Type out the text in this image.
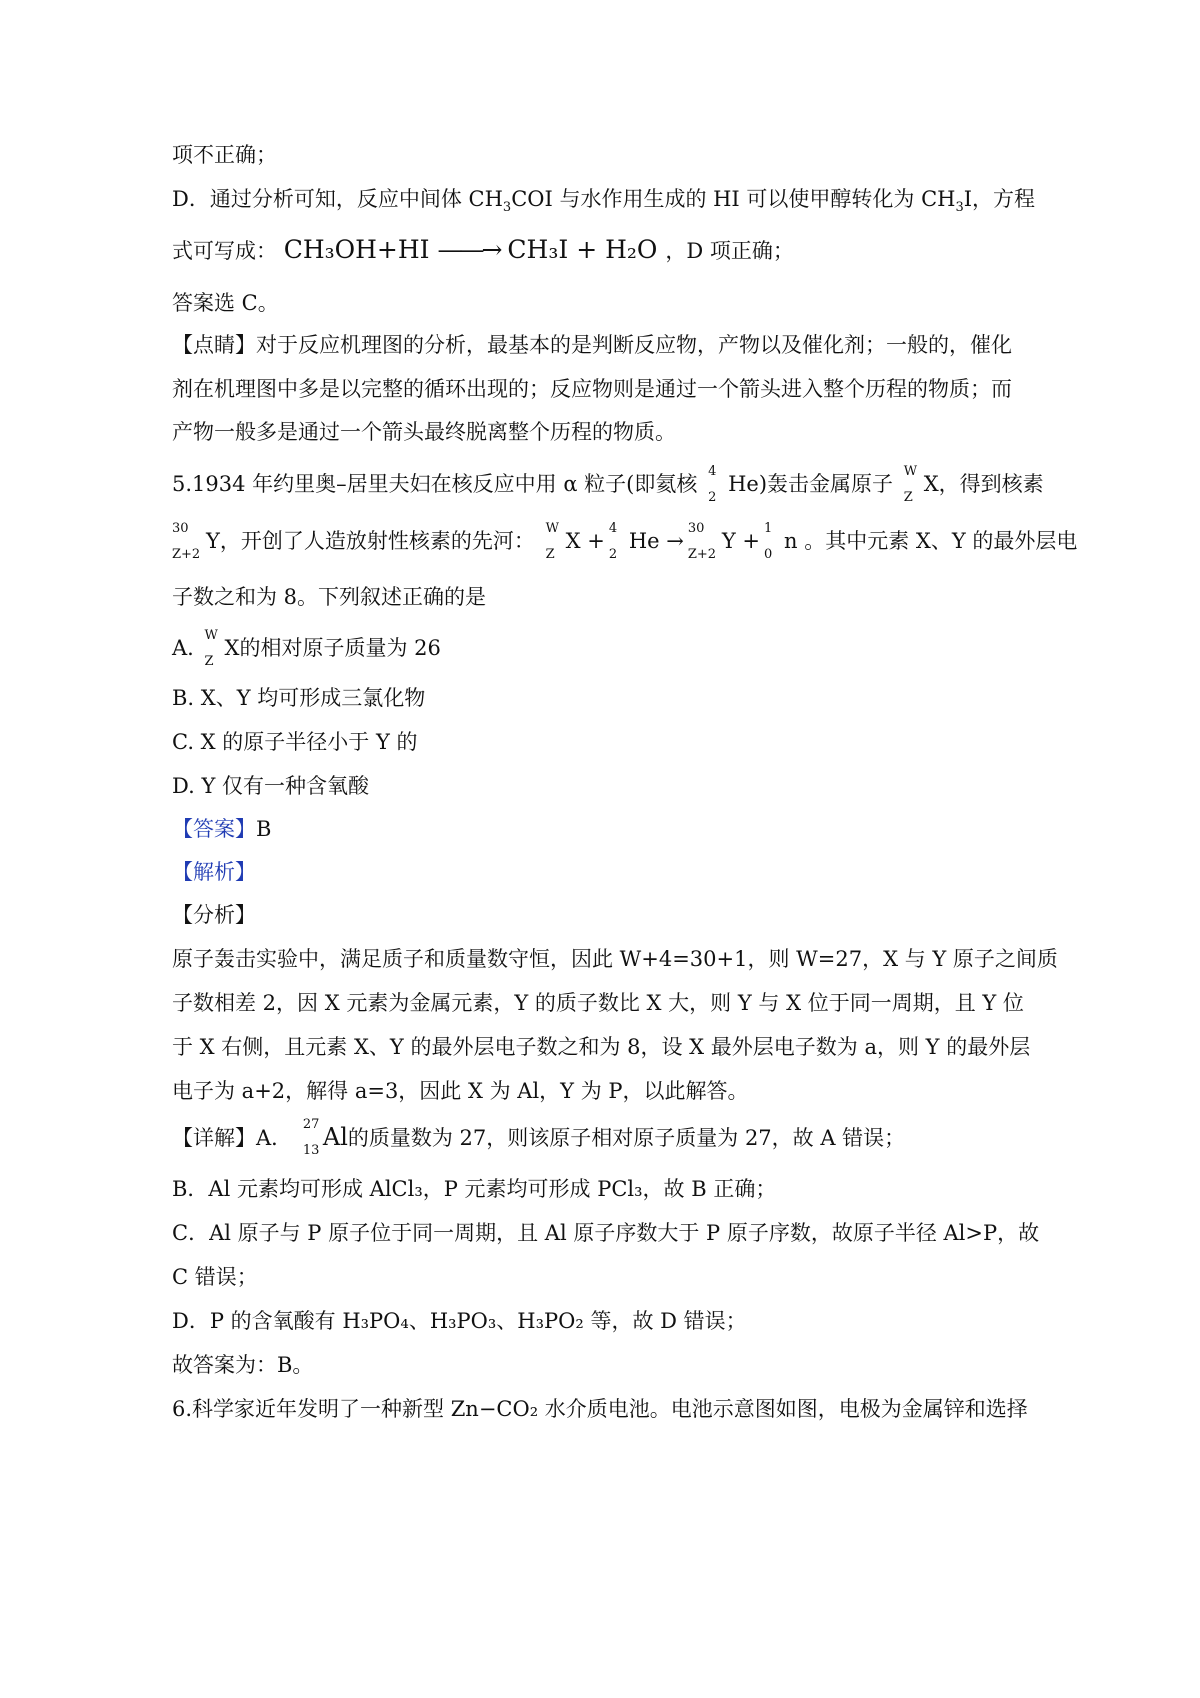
项不正确；
D．通过分析可知，反应中间体 $CH_3COI$ 与水作用生成的 HI 可以使甲醇转化为 $CH_3I$，方程
式可写成： CH₃OH+HI ——→ CH₃I + H₂O ，D 项正确；
答案选 C。
【点睛】对于反应机理图的分析，最基本的是判断反应物，产物以及催化剂；一般的，催化
剂在机理图中多是以完整的循环出现的；反应物则是通过一个箭头进入整个历程的物质；而
产物一般多是通过一个箭头最终脱离整个历程的物质。
5.1934 年约里奥–居里夫妇在核反应中用 α 粒子(即氦核
4
2
He)轰击金属原子
W
Z
X，得到核素
30
Z+2
Y，开创了人造放射性核素的先河：
W
Z
X +
4
2
He →
30
Z+2
Y +
1
0
n 。其中元素 X、Y 的最外层电
子数之和为 8。下列叙述正确的是
A.
W
Z
X的相对原子质量为 26
B. X、Y 均可形成三氯化物
C. X 的原子半径小于 Y 的
D. Y 仅有一种含氧酸
【答案】B
【解析】
【分析】
原子轰击实验中，满足质子和质量数守恒，因此 W+4=30+1，则 W=27，X 与 Y 原子之间质
子数相差 2，因 X 元素为金属元素，Y 的质子数比 X 大，则 Y 与 X 位于同一周期，且 Y 位
于 X 右侧，且元素 X、Y 的最外层电子数之和为 8，设 X 最外层电子数为 a，则 Y 的最外层
电子为 a+2，解得 a=3，因此 X 为 Al，Y 为 P，以此解答。
【详解】A．
27
13 Al的质量数为 27，则该原子相对原子质量为 27，故 A 错误；
B．Al 元素均可形成 AlCl₃，P 元素均可形成 PCl₃，故 B 正确；
C．Al 原子与 P 原子位于同一周期，且 Al 原子序数大于 P 原子序数，故原子半径 Al>P，故
C 错误；
D．P 的含氧酸有 H₃PO₄、H₃PO₃、H₃PO₂ 等，故 D 错误；
故答案为：B。
6.科学家近年发明了一种新型 Zn−CO₂ 水介质电池。电池示意图如图，电极为金属锌和选择
